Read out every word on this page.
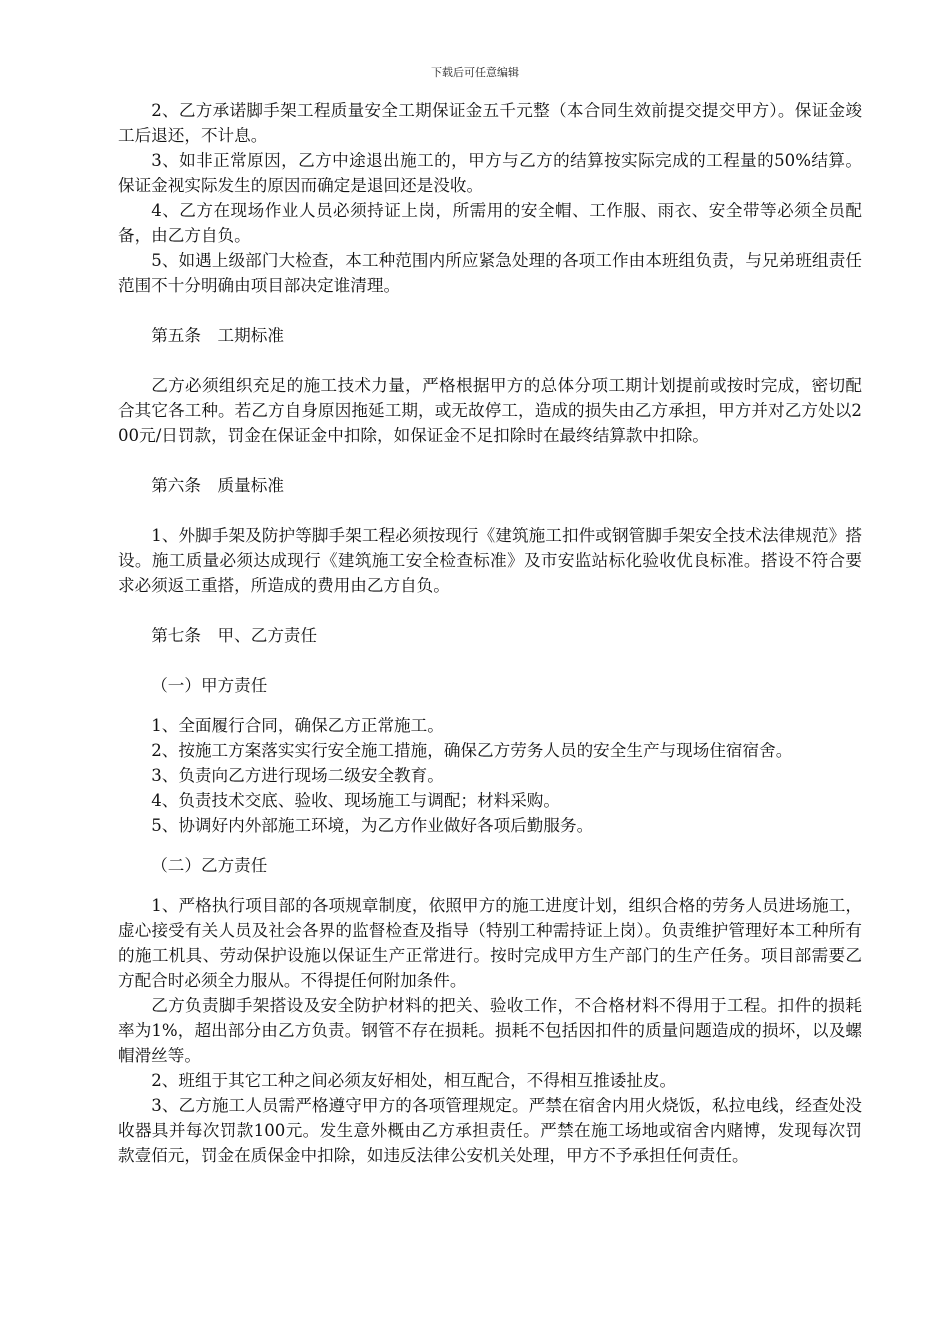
下载后可任意编辑

2、乙方承诺脚手架工程质量安全工期保证金五千元整（本合同生效前提交提交甲方）。保证金竣工后退还，不计息。

3、如非正常原因，乙方中途退出施工的，甲方与乙方的结算按实际完成的工程量的50%结算。保证金视实际发生的原因而确定是退回还是没收。

4、乙方在现场作业人员必须持证上岗，所需用的安全帽、工作服、雨衣、安全带等必须全员配备，由乙方自负。

5、如遇上级部门大检查，本工种范围内所应紧急处理的各项工作由本班组负责，与兄弟班组责任范围不十分明确由项目部决定谁清理。

第五条　工期标准

乙方必须组织充足的施工技术力量，严格根据甲方的总体分项工期计划提前或按时完成，密切配合其它各工种。若乙方自身原因拖延工期，或无故停工，造成的损失由乙方承担，甲方并对乙方处以200元/日罚款，罚金在保证金中扣除，如保证金不足扣除时在最终结算款中扣除。

第六条　质量标准

1、外脚手架及防护等脚手架工程必须按现行《建筑施工扣件或钢管脚手架安全技术法律规范》搭设。施工质量必须达成现行《建筑施工安全检查标准》及市安监站标化验收优良标准。搭设不符合要求必须返工重搭，所造成的费用由乙方自负。

第七条　甲、乙方责任

（一）甲方责任

1、全面履行合同，确保乙方正常施工。

2、按施工方案落实实行安全施工措施，确保乙方劳务人员的安全生产与现场住宿宿舍。

3、负责向乙方进行现场二级安全教育。

4、负责技术交底、验收、现场施工与调配；材料采购。

5、协调好内外部施工环境，为乙方作业做好各项后勤服务。

（二）乙方责任

1、严格执行项目部的各项规章制度，依照甲方的施工进度计划，组织合格的劳务人员进场施工，虚心接受有关人员及社会各界的监督检查及指导（特别工种需持证上岗）。负责维护管理好本工种所有的施工机具、劳动保护设施以保证生产正常进行。按时完成甲方生产部门的生产任务。项目部需要乙方配合时必须全力服从。不得提任何附加条件。

乙方负责脚手架搭设及安全防护材料的把关、验收工作，不合格材料不得用于工程。扣件的损耗率为1%，超出部分由乙方负责。钢管不存在损耗。损耗不包括因扣件的质量问题造成的损坏，以及螺帽滑丝等。

2、班组于其它工种之间必须友好相处，相互配合，不得相互推诿扯皮。

3、乙方施工人员需严格遵守甲方的各项管理规定。严禁在宿舍内用火烧饭，私拉电线，经查处没收器具并每次罚款100元。发生意外概由乙方承担责任。严禁在施工场地或宿舍内赌博，发现每次罚款壹佰元，罚金在质保金中扣除，如违反法律公安机关处理，甲方不予承担任何责任。
